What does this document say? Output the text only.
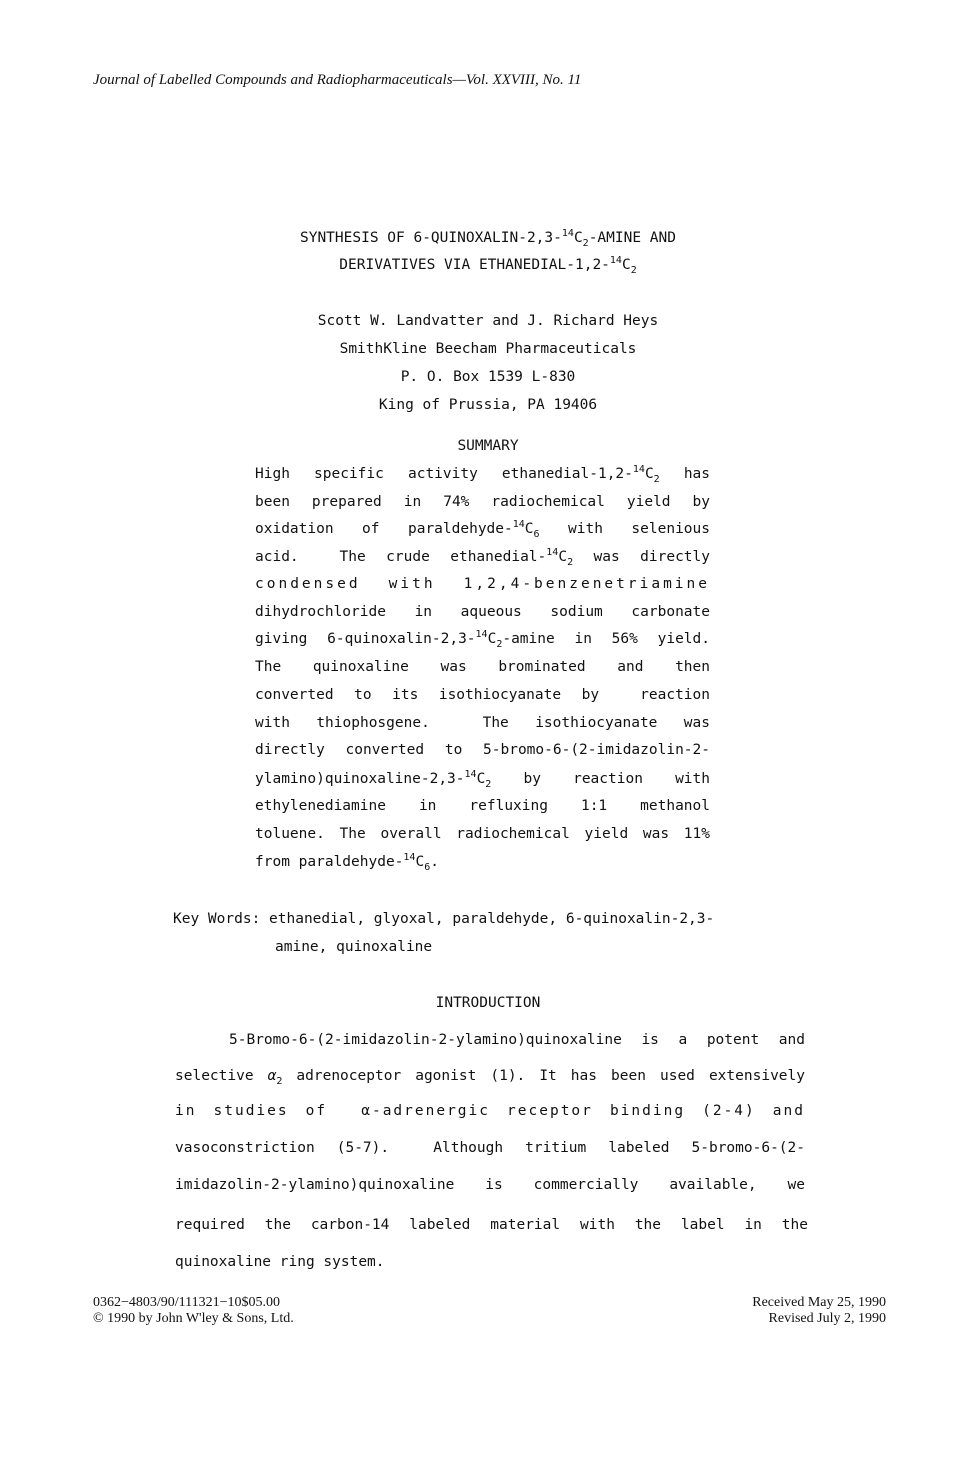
Journal of Labelled Compounds and Radiopharmaceuticals—Vol. XXVIII, No. 11
SYNTHESIS OF $6-QUINOXALIN-2,3-^{14}C_2$-AMINE AND
DERIVATIVES VIA ETHANEDIAL-$1,2-^{14}C_2$
Scott W. Landvatter and J. Richard Heys
SmithKline Beecham Pharmaceuticals
P. O. Box 1539 L-830
King of Prussia, PA 19406
SUMMARY
High specific activity ethanedial-$1,2-^{14}C_2$ has
been prepared in 74% radiochemical yield by
oxidation of paraldehyde-$^{14}C_6$ with selenious
acid.  The crude ethanedial-$^{14}C_2$ was directly
condensed with 1,2,4-benzenetriamine
dihydrochloride in aqueous sodium carbonate
giving $6-quinoxalin-2,3-^{14}C_2$-amine in 56% yield.
The quinoxaline was brominated and then
converted to its isothiocyanate by  reaction
with thiophosgene.  The isothiocyanate was
directly converted to 5-bromo-6-(2-imidazolin-2-
$ylamino)quinoxaline-2,3-^{14}C_2$ by reaction with
ethylenediamine in refluxing 1:1 methanol
toluene. The overall radiochemical yield was 11%
from paraldehyde-$^{14}C_6$.
Key Words: ethanedial, glyoxal, paraldehyde, 6-quinoxalin-2,3-
amine, quinoxaline
INTRODUCTION
5-Bromo-6-(2-imidazolin-2-ylamino)quinoxaline is a potent and
selective $\alpha_2$ adrenoceptor agonist (1). It has been used extensively
in studies of  α-adrenergic receptor binding (2-4) and
vasoconstriction (5-7).  Although tritium labeled 5-bromo-6-(2-
imidazolin-2-ylamino)quinoxaline is commercially available, we
required the carbon-14 labeled material with the label in the
quinoxaline ring system.
0362−4803/90/111321−10$05.00
© 1990 by John W'ley & Sons, Ltd.
Received May 25, 1990
Revised July 2, 1990
